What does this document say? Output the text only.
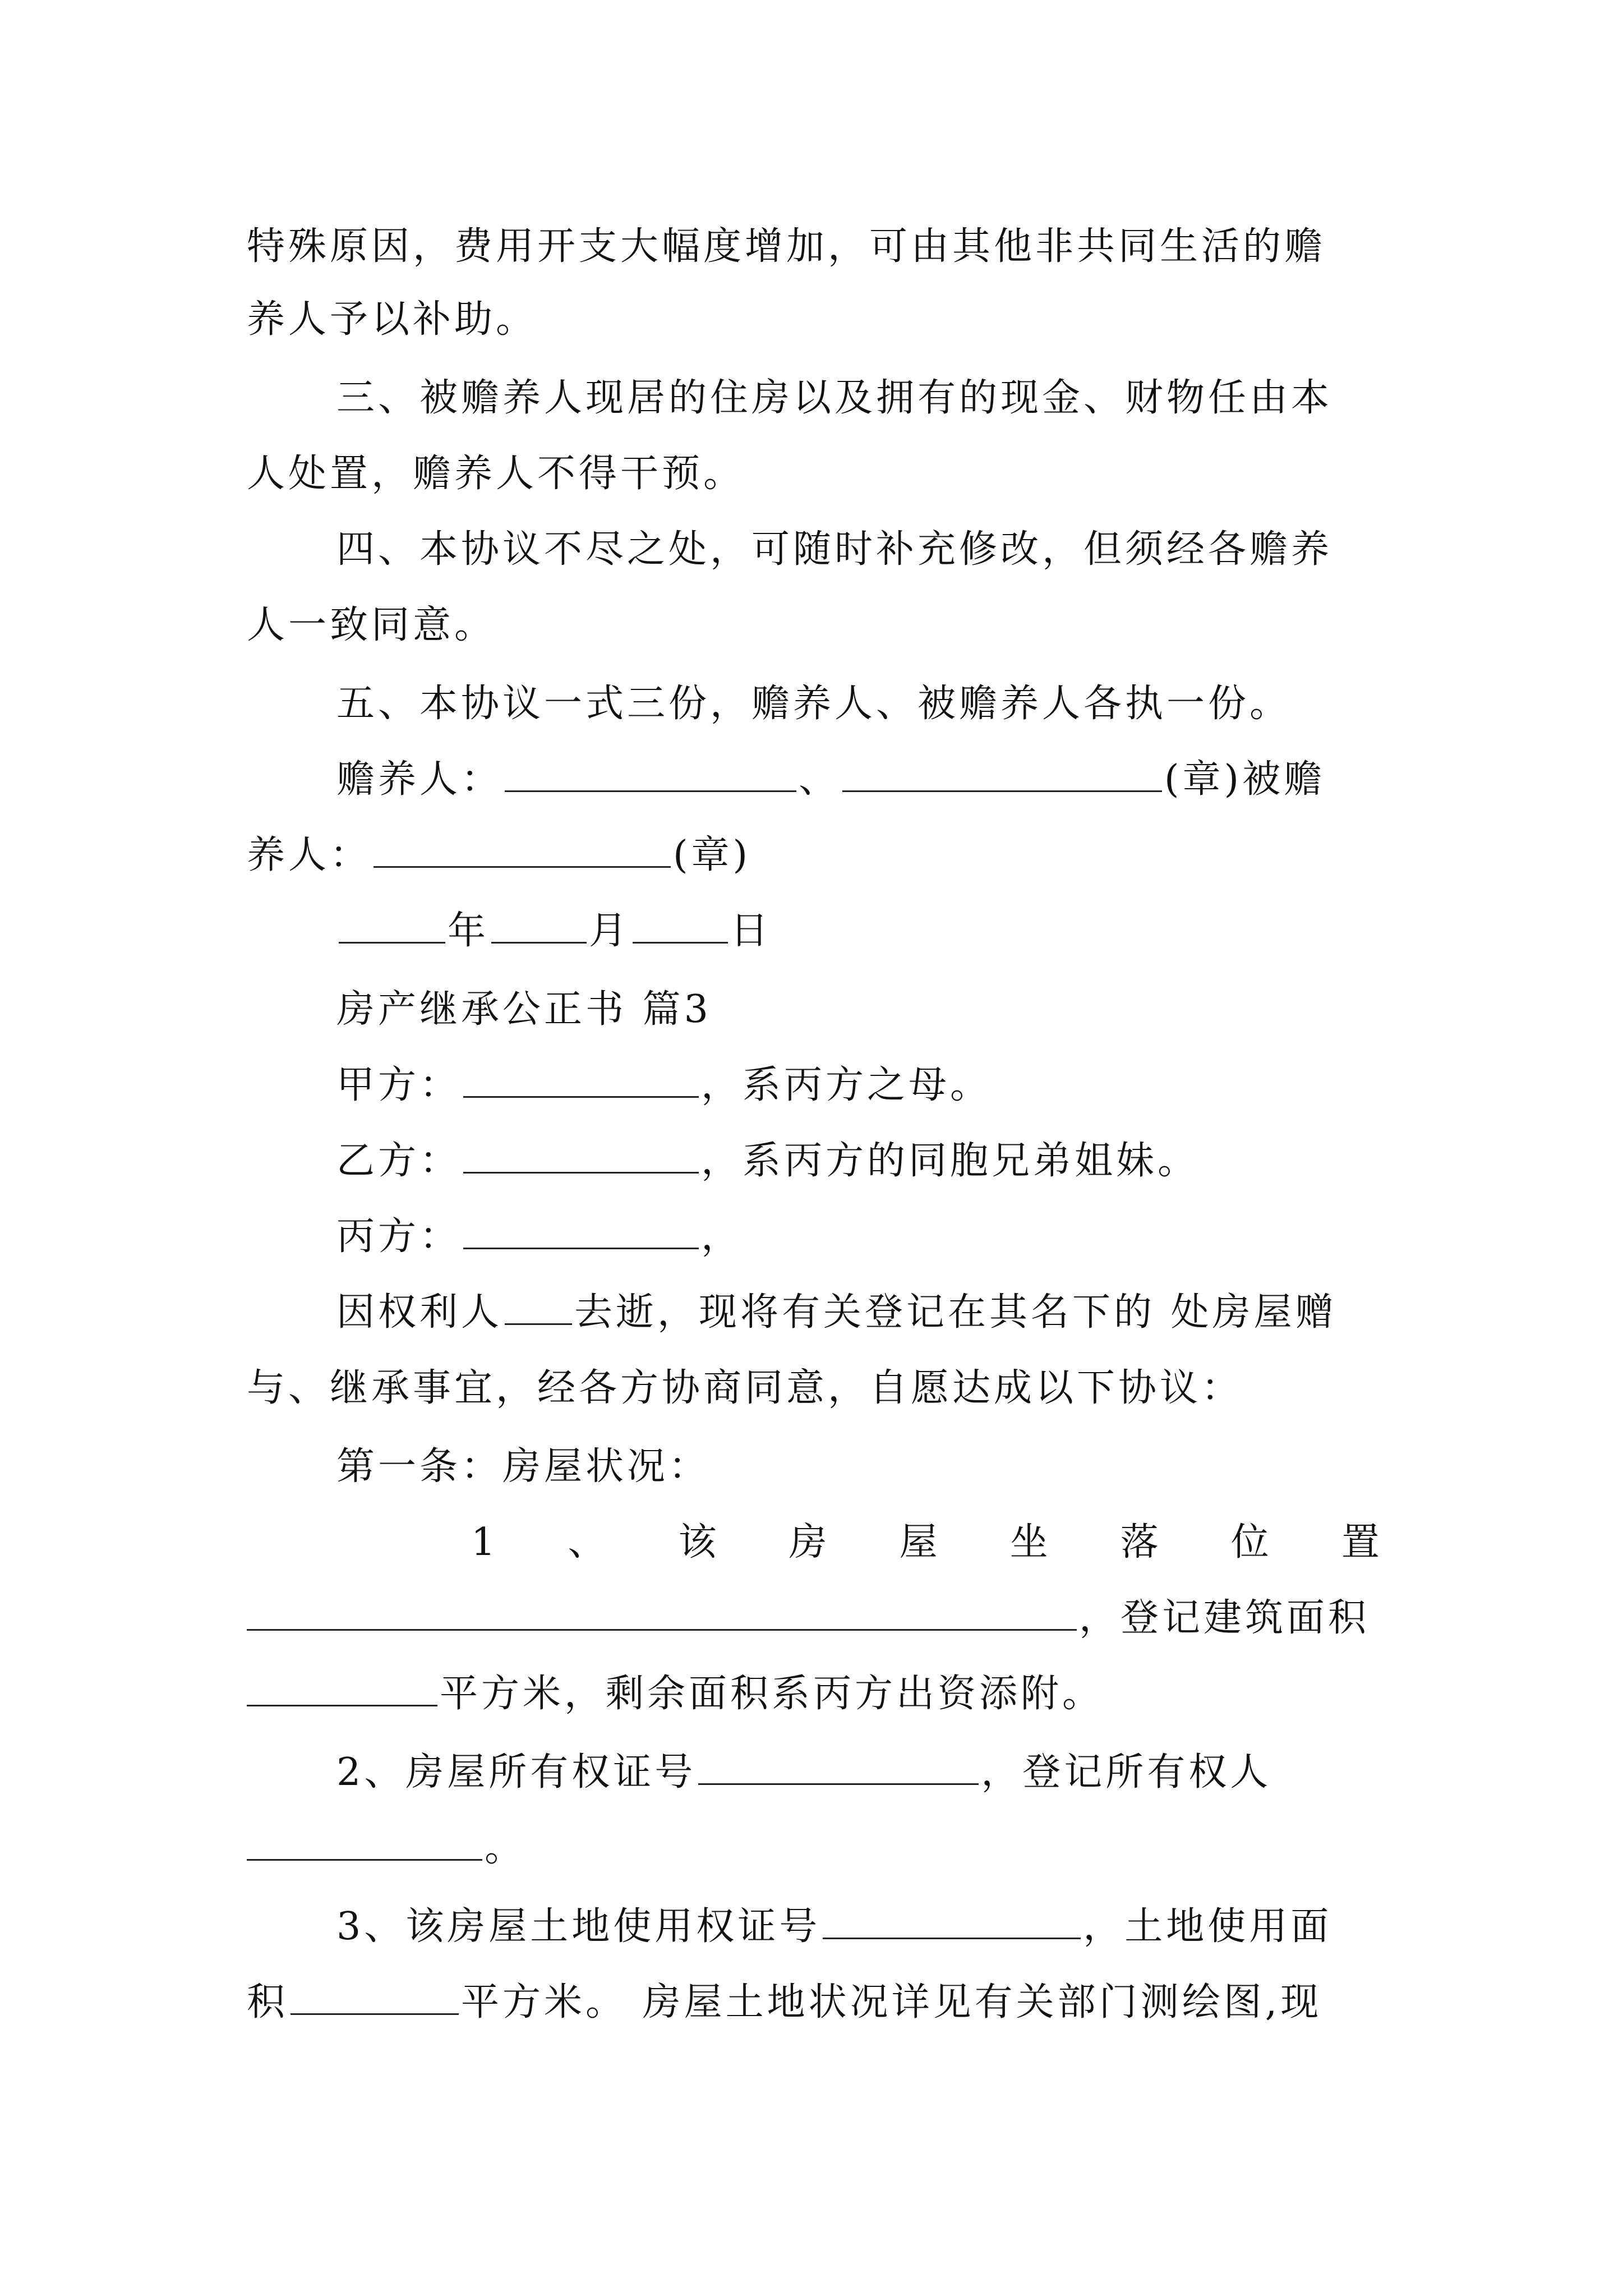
特殊原因，费用开支大幅度增加，可由其他非共同生活的赡
养人予以补助。
三、被赡养人现居的住房以及拥有的现金、财物任由本
人处置，赡养人不得干预。
四、本协议不尽之处，可随时补充修改，但须经各赡养
人一致同意。
五、本协议一式三份，赡养人、被赡养人各执一份。
赡养人：	、	(章)被赡
养人：	(章)
年	月	日
房产继承公正书 篇3
甲方：	，系丙方之母。
乙方：	，系丙方的同胞兄弟姐妹。
丙方：	，
因权利人 去逝，现将有关登记在其名下的 处房屋赠
与、继承事宜，经各方协商同意，自愿达成以下协议：
第一条：房屋状况：
1 、 该 房 屋 坐 落 位 置
，登记建筑面积
平方米，剩余面积系丙方出资添附。
2、房屋所有权证号	，登记所有权人
。
3、该房屋土地使用权证号	，土地使用面
积	平方米。 房屋土地状况详见有关部门测绘图,现
